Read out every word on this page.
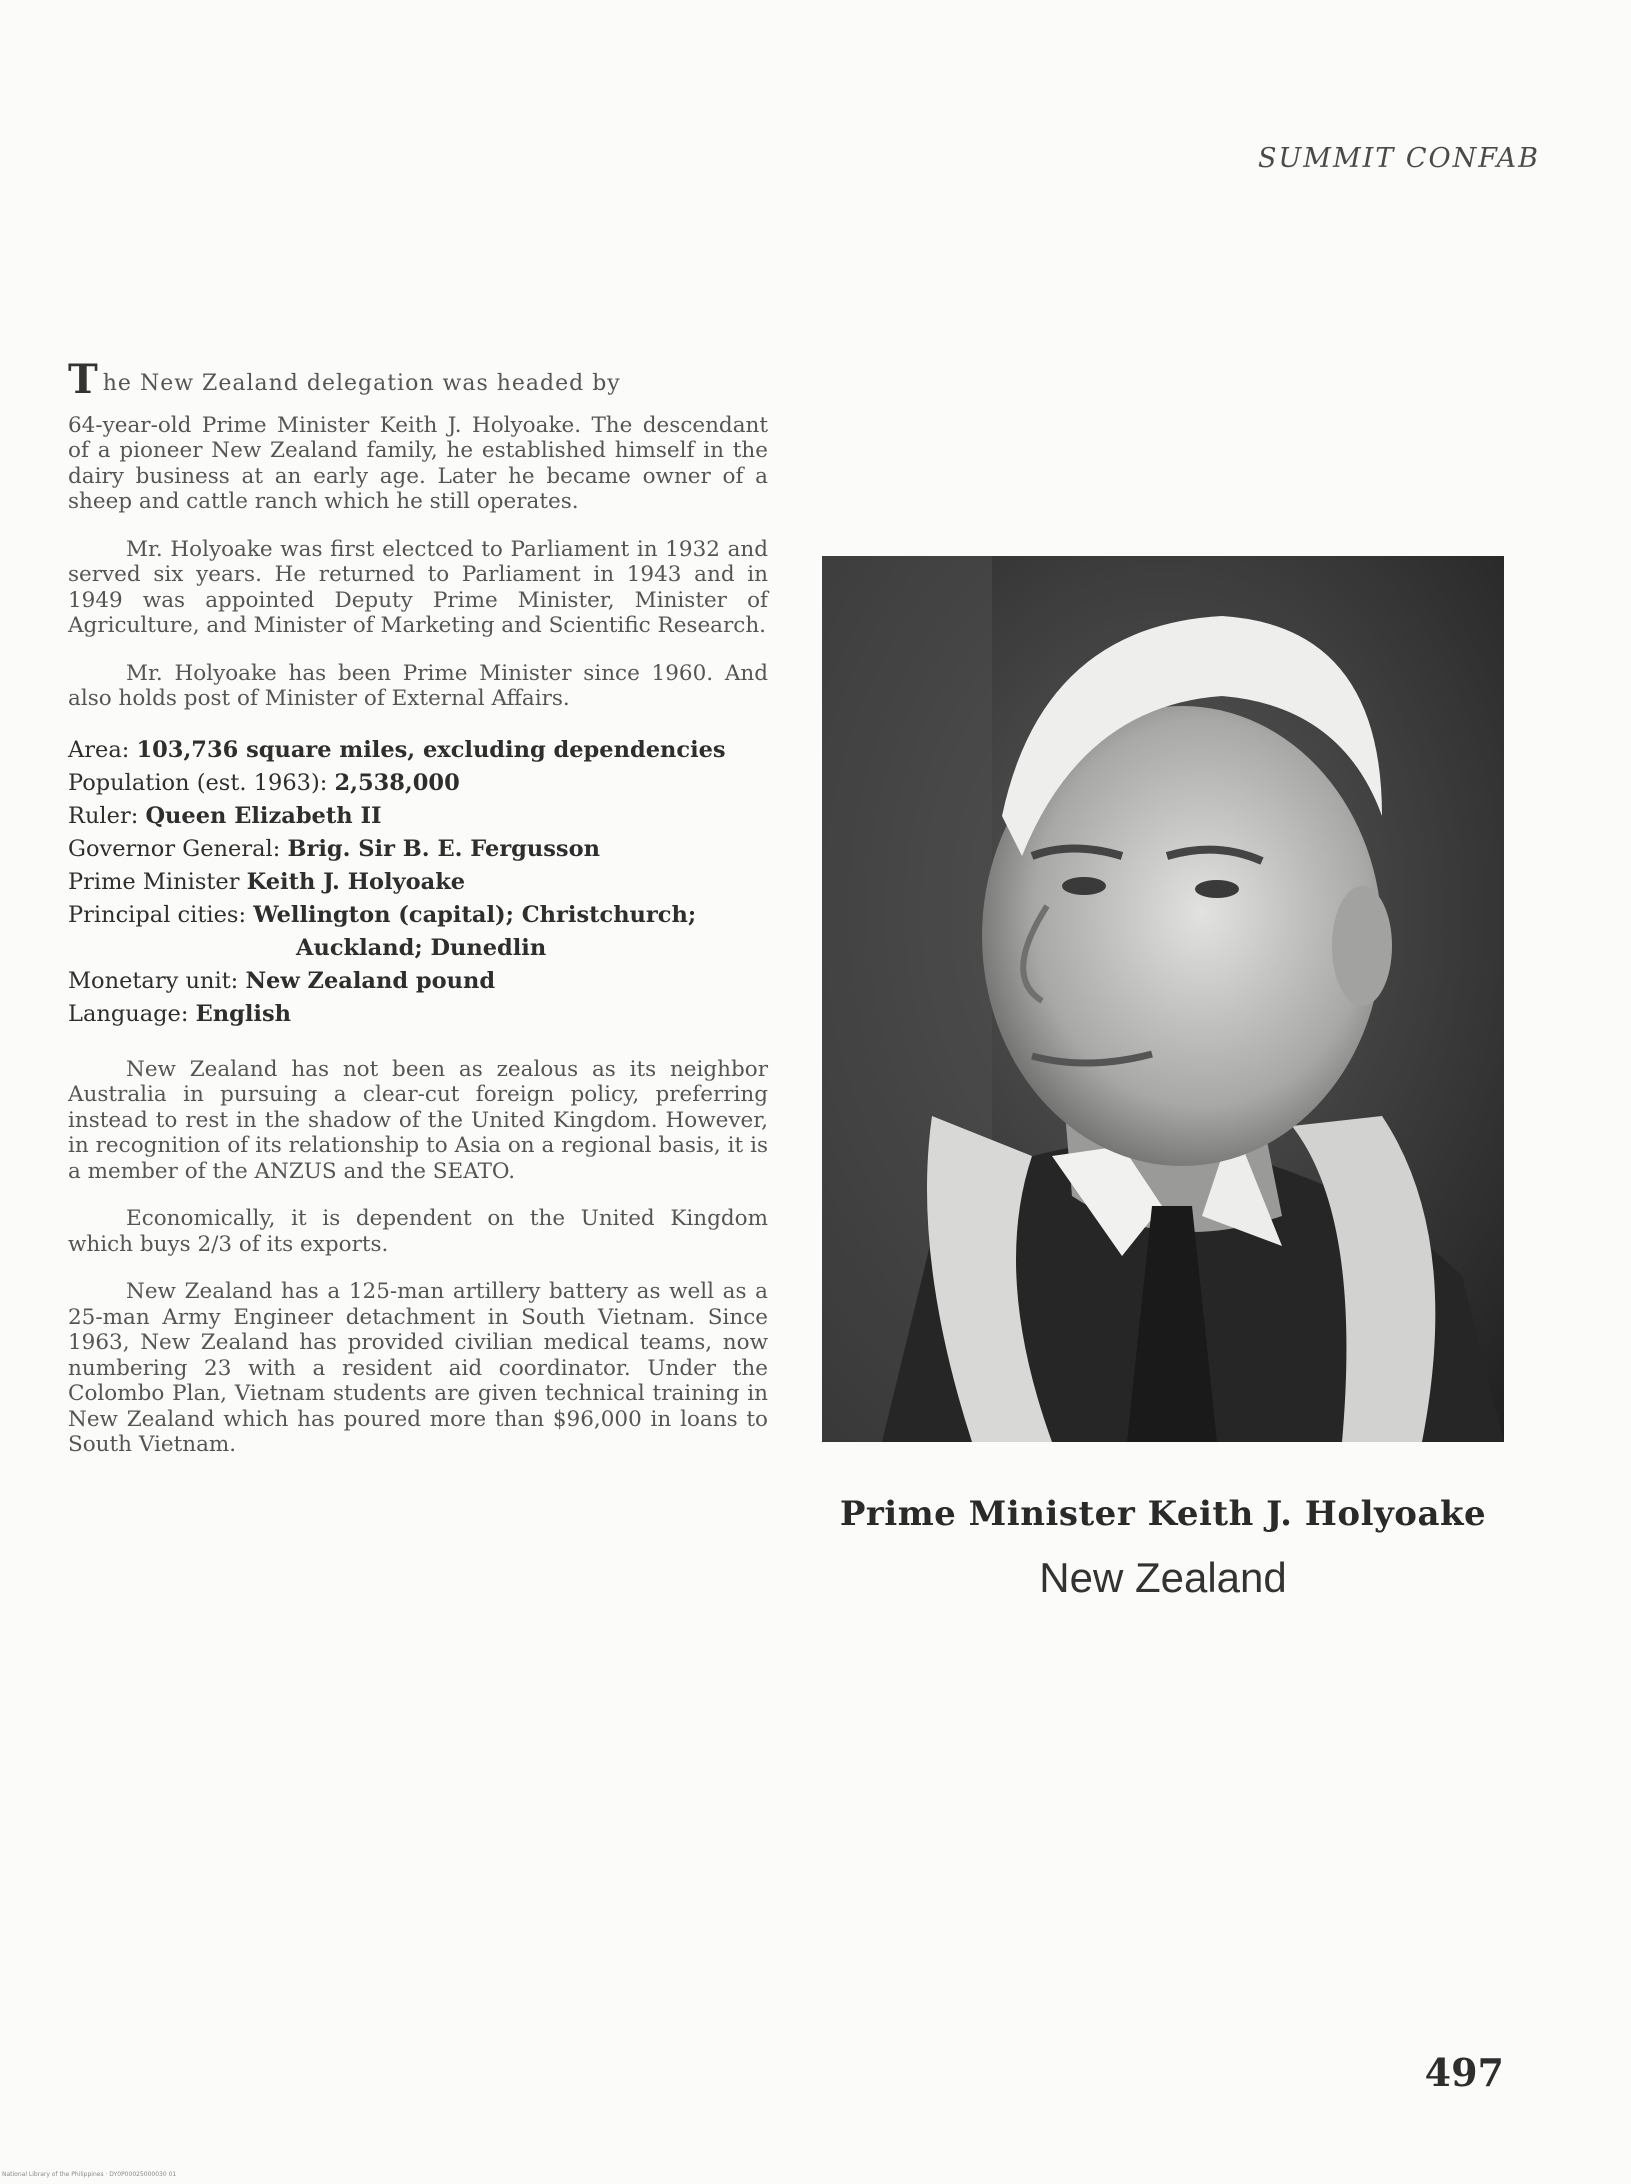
SUMMIT CONFAB

The New Zealand delegation was headed by
64-year-old Prime Minister Keith J. Holyoake. The descendant of a pioneer New Zealand family, he established himself in the dairy business at an early age. Later he became owner of a sheep and cattle ranch which he still operates.

Mr. Holyoake was first electced to Parliament in 1932 and served six years. He returned to Parliament in 1943 and in 1949 was appointed Deputy Prime Minister, Minister of Agriculture, and Minister of Marketing and Scientific Research.

Mr. Holyoake has been Prime Minister since 1960. And also holds post of Minister of External Affairs.

Area: 103,736 square miles, excluding dependencies
Population (est. 1963): 2,538,000
Ruler: Queen Elizabeth II
Governor General: Brig. Sir B. E. Fergusson
Prime Minister Keith J. Holyoake
Principal cities: Wellington (capital); Christchurch;
Auckland; Dunedlin
Monetary unit: New Zealand pound
Language: English

New Zealand has not been as zealous as its neighbor Australia in pursuing a clear-cut foreign policy, preferring instead to rest in the shadow of the United Kingdom. However, in recognition of its relationship to Asia on a regional basis, it is a member of the ANZUS and the SEATO.

Economically, it is dependent on the United Kingdom which buys 2/3 of its exports.

New Zealand has a 125-man artillery battery as well as a 25-man Army Engineer detachment in South Vietnam. Since 1963, New Zealand has provided civilian medical teams, now numbering 23 with a resident aid coordinator. Under the Colombo Plan, Vietnam students are given technical training in New Zealand which has poured more than $96,000 in loans to South Vietnam.

Prime Minister Keith J. Holyoake
New Zealand
497
National Library of the Philippines · DY0P00025000030 01
